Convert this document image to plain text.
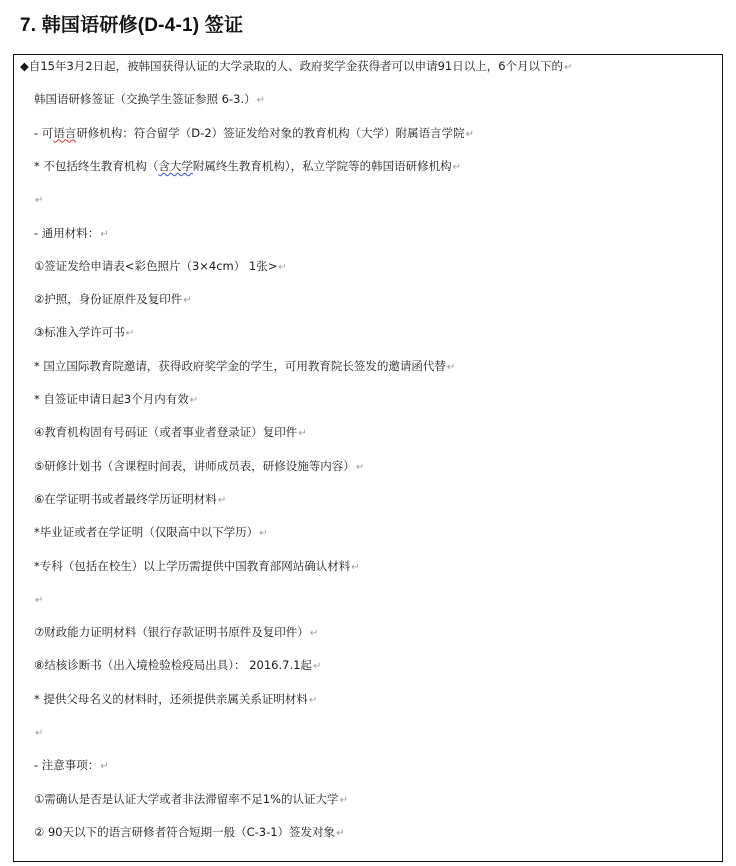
7. 韩国语研修(D-4-1) 签证
◆自15年3月2日起，被韩国获得认证的大学录取的人、政府奖学金获得者可以申请91日以上，6个月以下的↵
韩国语研修签证（交换学生签证参照 6-3.）↵
- 可语言研修机构：符合留学（D-2）签证发给对象的教育机构（大学）附属语言学院↵
* 不包括终生教育机构（含大学附属终生教育机构），私立学院等的韩国语研修机构↵
↵
- 通用材料：↵
①签证发给申请表<彩色照片（3×4cm） 1张>↵
②护照，身份证原件及复印件↵
③标准入学许可书↵
* 国立国际教育院邀请，获得政府奖学金的学生，可用教育院长签发的邀请函代替↵
* 自签证申请日起3个月内有效↵
④教育机构固有号码证（或者事业者登录证）复印件↵
⑤研修计划书（含课程时间表，讲师成员表，研修设施等内容）↵
⑥在学证明书或者最终学历证明材料↵
*毕业证或者在学证明（仅限高中以下学历）↵
*专科（包括在校生）以上学历需提供中国教育部网站确认材料↵
↵
⑦财政能力证明材料（银行存款证明书原件及复印件）↵
⑧结核诊断书（出入境检验检疫局出具）： 2016.7.1起↵
* 提供父母名义的材料时，还须提供亲属关系证明材料↵
↵
- 注意事项：↵
①需确认是否是认证大学或者非法滞留率不足1%的认证大学↵
② 90天以下的语言研修者符合短期一般（C-3-1）签发对象↵
